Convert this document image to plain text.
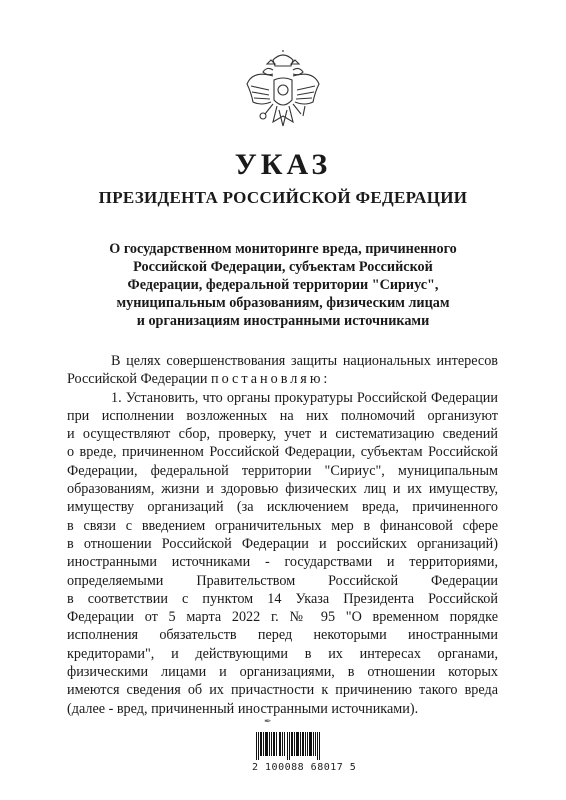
УКАЗ
ПРЕЗИДЕНТА РОССИЙСКОЙ ФЕДЕРАЦИИ
О государственном мониторинге вреда, причиненного
Российской Федерации, субъектам Российской
Федерации, федеральной территории "Сириус",
муниципальным образованиям, физическим лицам
и организациям иностранными источниками
В целях совершенствования защиты национальных интересов
Российской Федерации постановляю:
1. Установить, что органы прокуратуры Российской Федерации
при исполнении возложенных на них полномочий организуют
и осуществляют сбор, проверку, учет и систематизацию сведений
о вреде, причиненном Российской Федерации, субъектам Российской
Федерации, федеральной территории "Сириус", муниципальным
образованиям, жизни и здоровью физических лиц и их имуществу,
имуществу организаций (за исключением вреда, причиненного
в связи с введением ограничительных мер в финансовой сфере
в отношении Российской Федерации и российских организаций)
иностранными источниками - государствами и территориями,
определяемыми Правительством Российской Федерации
в соответствии с пунктом 14 Указа Президента Российской
Федерации от 5 марта 2022 г. № 95 "О временном порядке
исполнения обязательств перед некоторыми иностранными
кредиторами", и действующими в их интересах органами,
физическими лицами и организациями, в отношении которых
имеются сведения об их причастности к причинению такого вреда
(далее - вред, причиненный иностранными источниками).
✒
2 100088 68017 5
